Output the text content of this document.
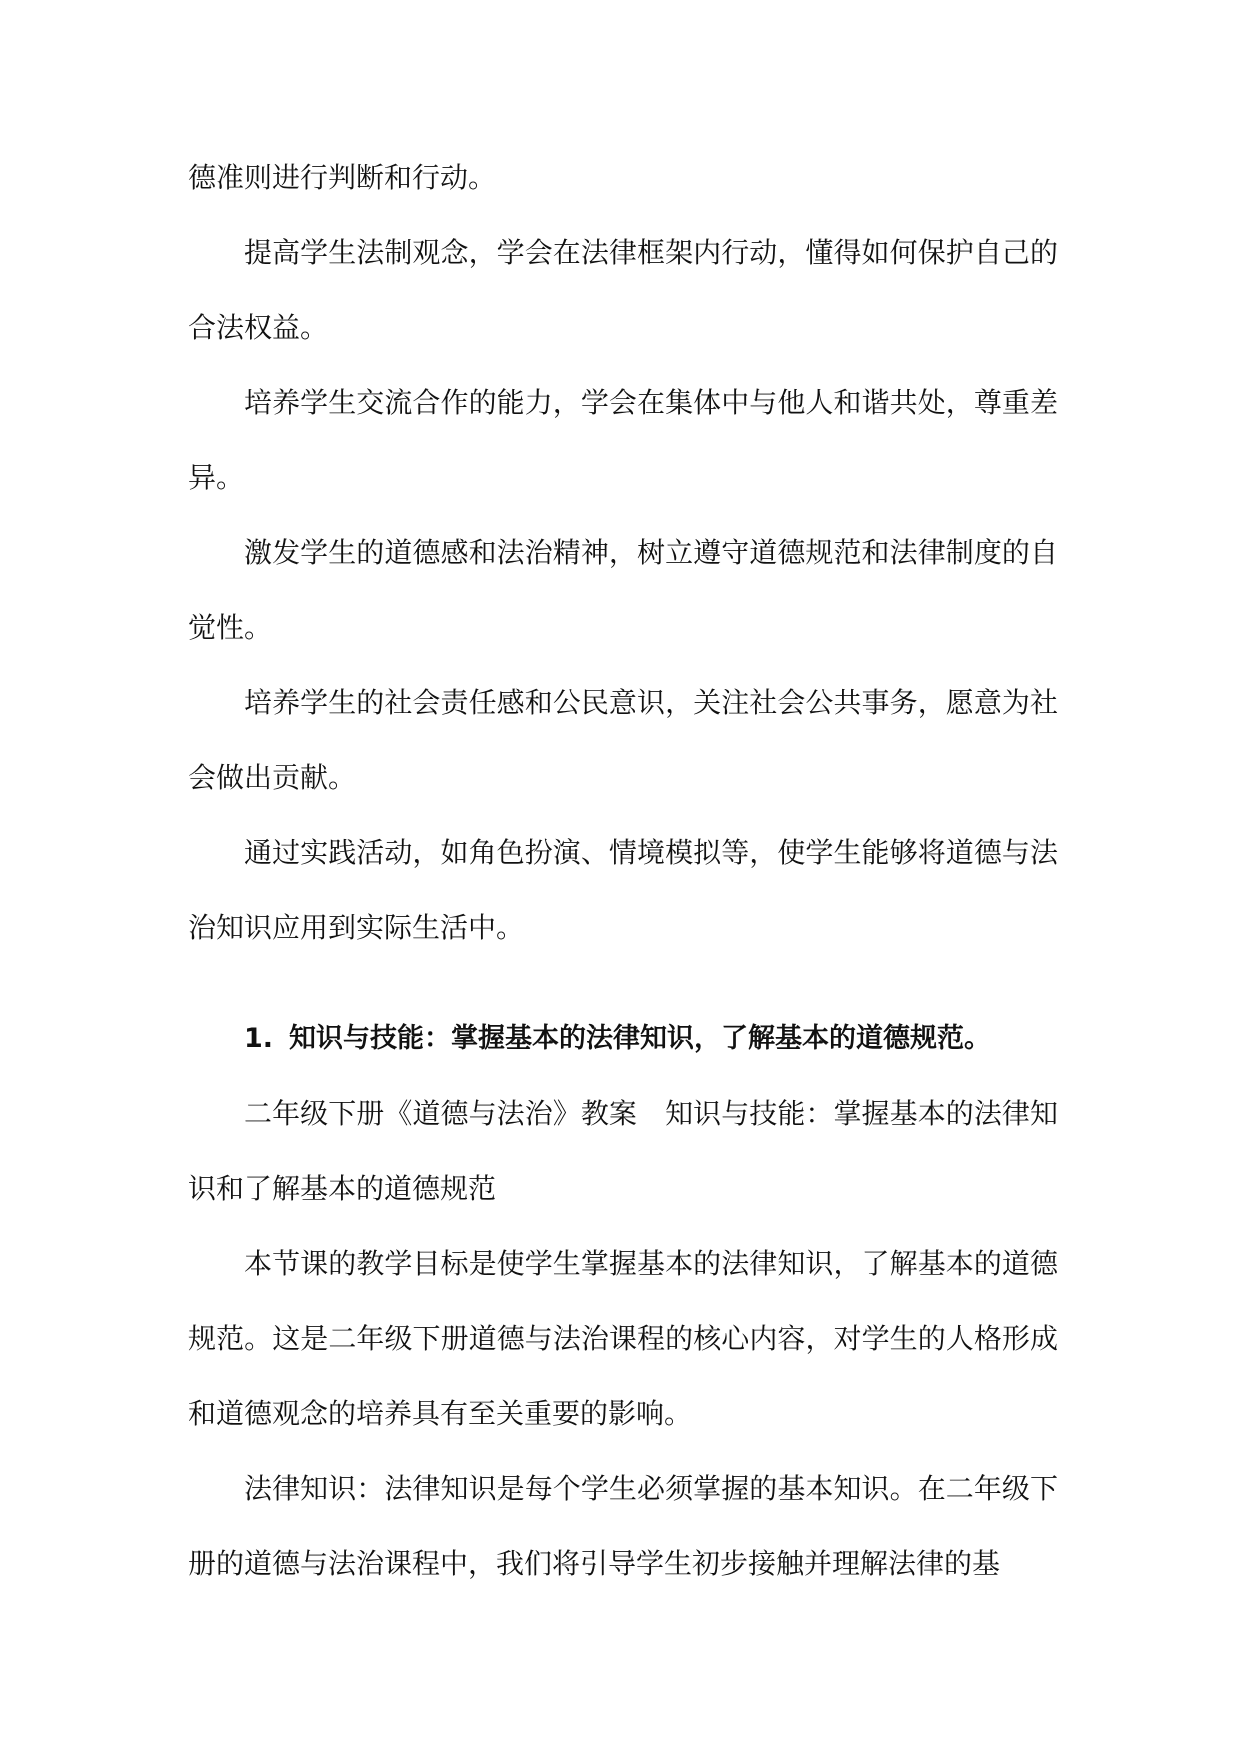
德准则进行判断和行动。

提高学生法制观念，学会在法律框架内行动，懂得如何保护自己的合法权益。

培养学生交流合作的能力，学会在集体中与他人和谐共处，尊重差异。

激发学生的道德感和法治精神，树立遵守道德规范和法律制度的自觉性。

培养学生的社会责任感和公民意识，关注社会公共事务，愿意为社会做出贡献。

通过实践活动，如角色扮演、情境模拟等，使学生能够将道德与法治知识应用到实际生活中。

1. 知识与技能：掌握基本的法律知识，了解基本的道德规范。

二年级下册《道德与法治》教案　知识与技能：掌握基本的法律知识和了解基本的道德规范

本节课的教学目标是使学生掌握基本的法律知识，了解基本的道德规范。这是二年级下册道德与法治课程的核心内容，对学生的人格形成和道德观念的培养具有至关重要的影响。

法律知识：法律知识是每个学生必须掌握的基本知识。在二年级下册的道德与法治课程中，我们将引导学生初步接触并理解法律的基
